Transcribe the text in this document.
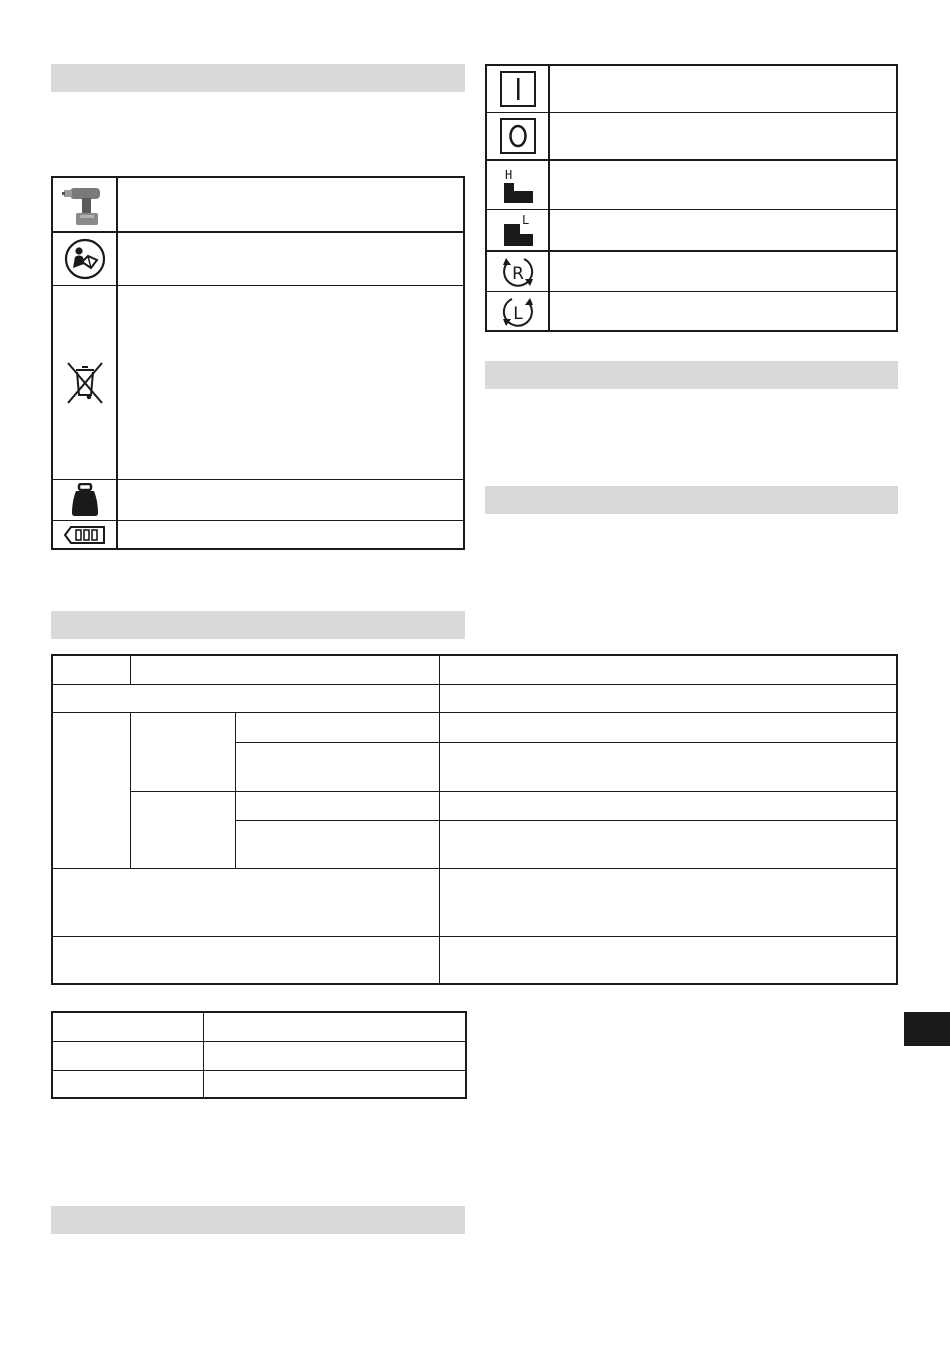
H
L
R
L
